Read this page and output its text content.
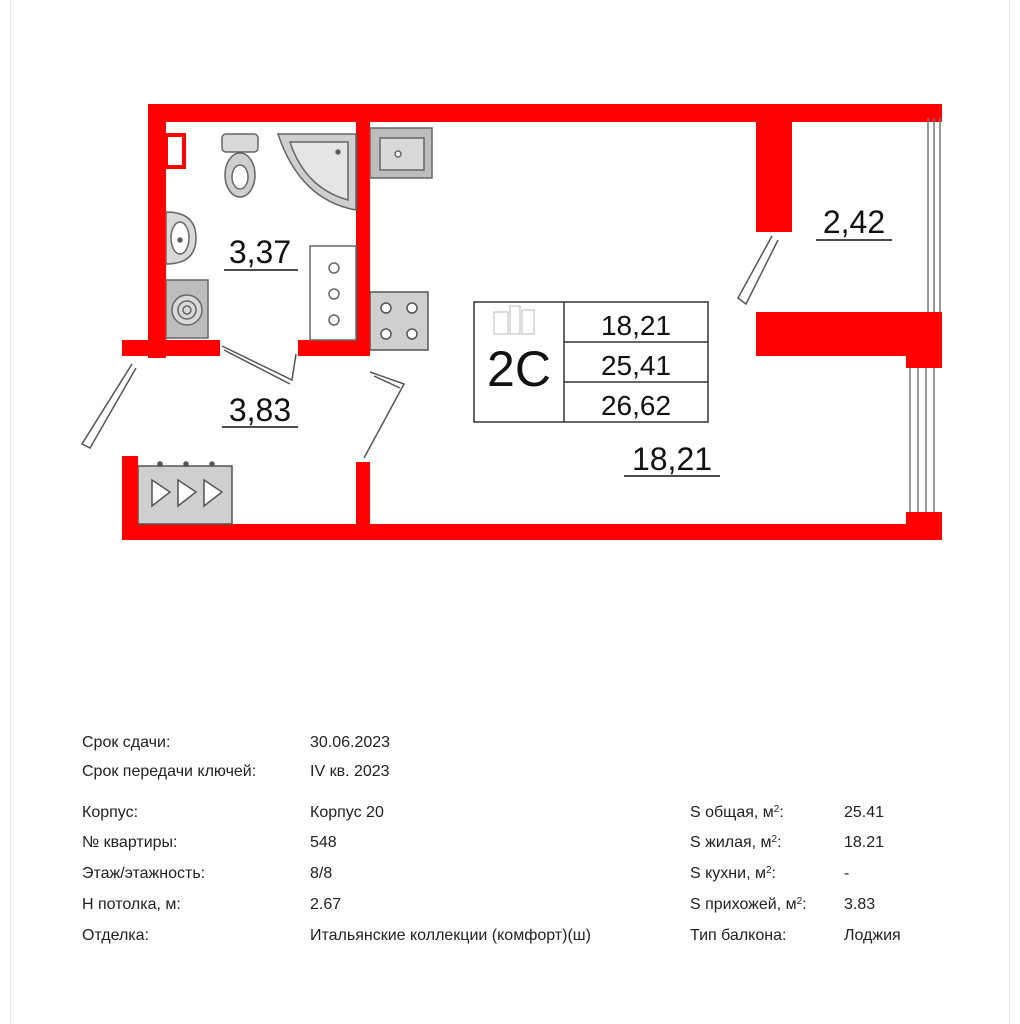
2С
18,21
25,41
26,62
3,37
3,83
18,21
2,42
Срок сдачи:	30.06.2023
Срок передачи ключей:	IV кв. 2023
Корпус:	Корпус 20
№ квартиры:	548
Этаж/этажность:	8/8
Н потолка, м:	2.67
Отделка:	Итальянские коллекции (комфорт)(ш)
S общая, $м^2$:	25.41
S жилая, $м^2$:	18.21
S кухни, $м^2$:	-
S прихожей, $м^2$: 3.83
Тип балкона:	Лоджия
